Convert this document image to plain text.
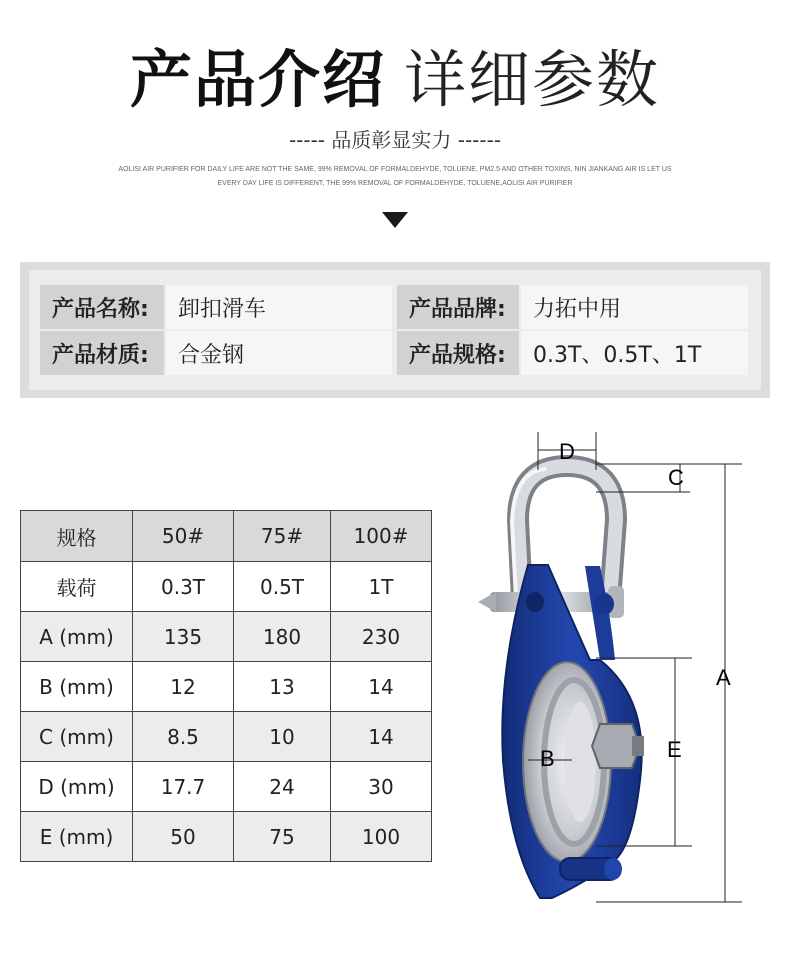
产品介绍 详细参数
----- 品质彰显实力 ------
AOLISI AIR PURIFIER FOR DAILY LIFE ARE NOT THE SAME, 99% REMOVAL OF FORMALDEHYDE, TOLUENE, PM2.5 AND OTHER TOXINS, NIN JIANKANG AIR IS LET US
EVERY DAY LIFE IS DIFFERENT, THE 99% REMOVAL OF FORMALDEHYDE, TOLUENE,AOLISI AIR PURIFIER
产品名称:	卸扣滑车	产品品牌:	力拓中用
产品材质:	合金钢	产品规格:	0.3T、0.5T、1T
规格	50#	75#	100#
载荷	0.3T	0.5T	1T
A (mm)	135	180	230
B (mm)	12	13	14
C (mm)	8.5	10	14
D (mm)	17.7	24	30
E (mm)	50	75	100
D
C
A
E
B
